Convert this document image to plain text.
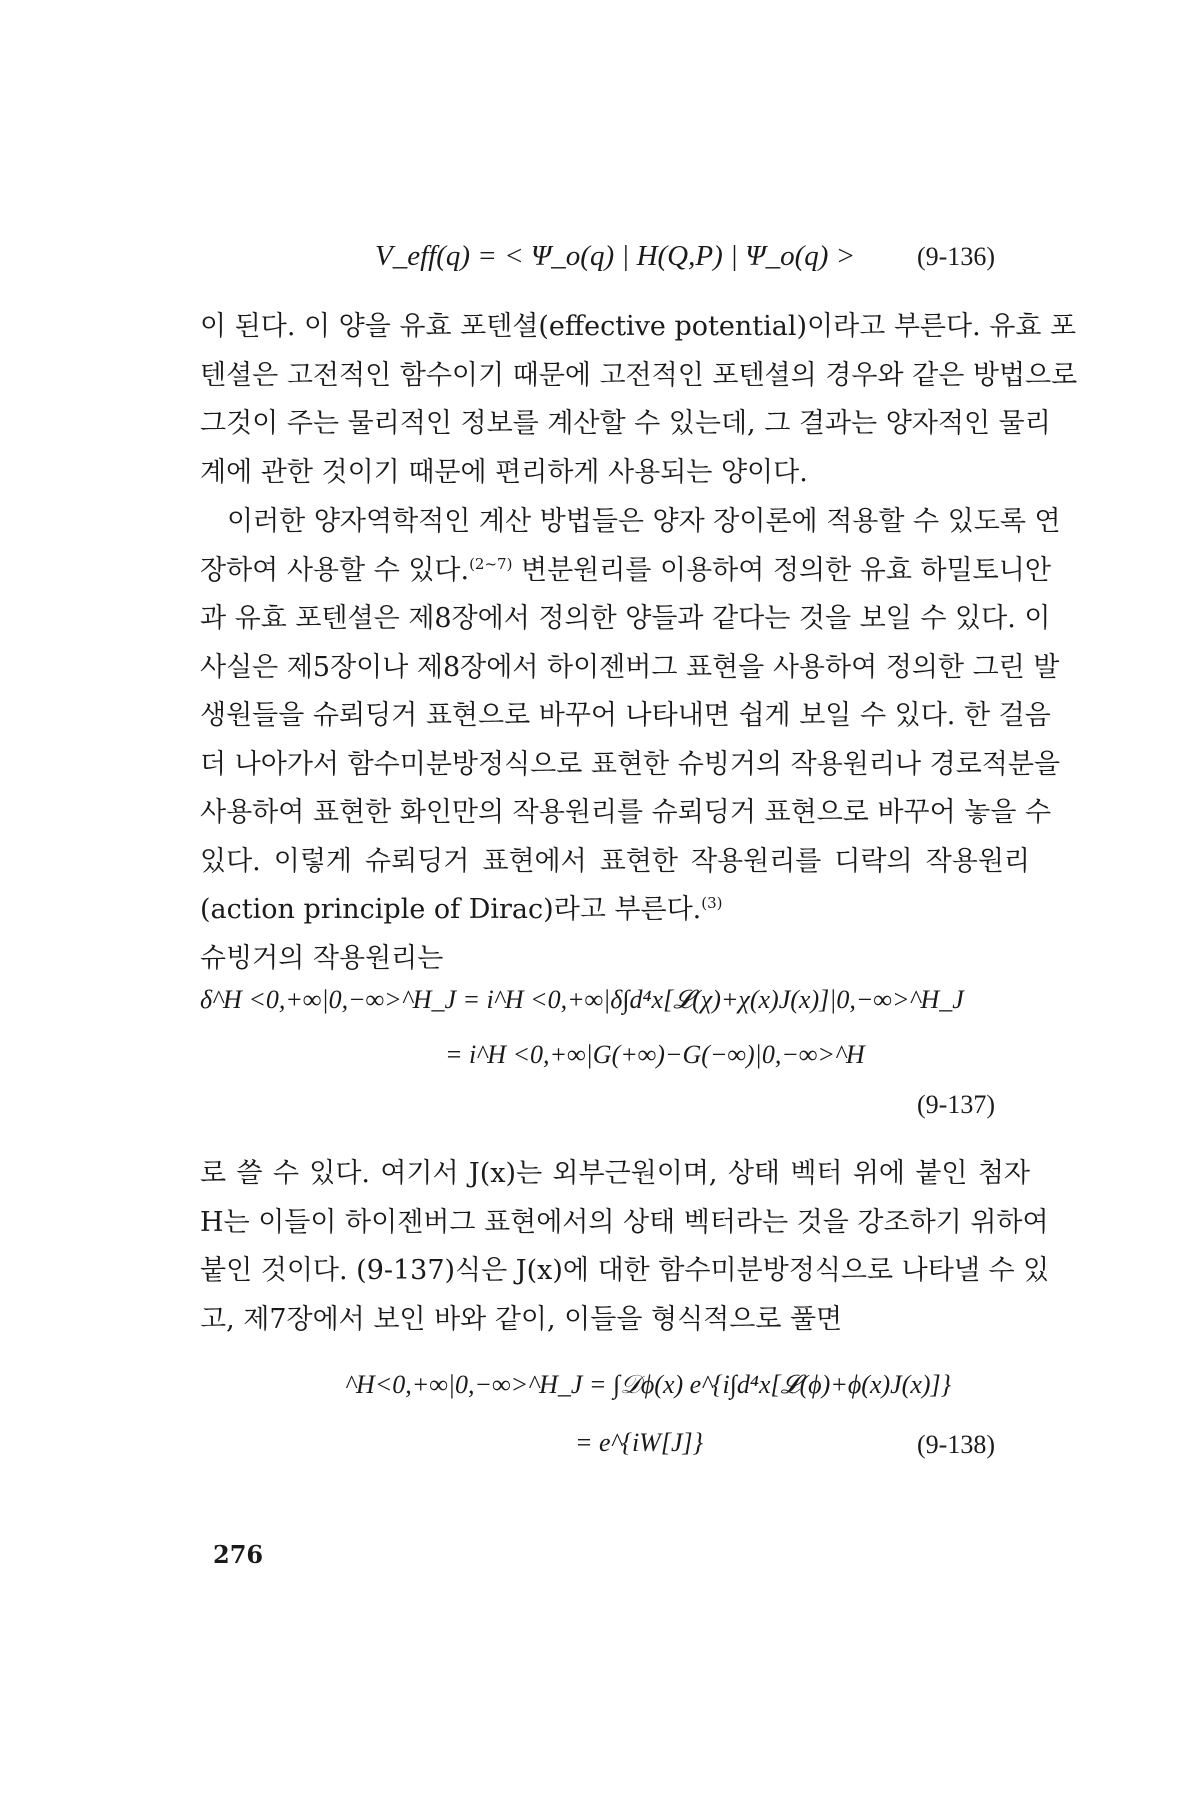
V_eff(q) = < Ψ_o(q) | H(Q,P) | Ψ_o(q) > (9-136)
이 된다. 이 양을 유효 포텐셜(effective potential)이라고 부른다. 유효 포
텐셜은 고전적인 함수이기 때문에 고전적인 포텐셜의 경우와 같은 방법으로
그것이 주는 물리적인 정보를 계산할 수 있는데, 그 결과는 양자적인 물리
계에 관한 것이기 때문에 편리하게 사용되는 양이다.
이러한 양자역학적인 계산 방법들은 양자 장이론에 적용할 수 있도록 연
장하여 사용할 수 있다.$^{(2\sim 7)}$ 변분원리를 이용하여 정의한 유효 하밀토니안
과 유효 포텐셜은 제8장에서 정의한 양들과 같다는 것을 보일 수 있다. 이
사실은 제5장이나 제8장에서 하이젠버그 표현을 사용하여 정의한 그린 발
생원들을 슈뢰딩거 표현으로 바꾸어 나타내면 쉽게 보일 수 있다. 한 걸음
더 나아가서 함수미분방정식으로 표현한 슈빙거의 작용원리나 경로적분을
사용하여 표현한 화인만의 작용원리를 슈뢰딩거 표현으로 바꾸어 놓을 수
있다. 이렇게 슈뢰딩거 표현에서 표현한 작용원리를 디락의 작용원리
(action principle of Dirac)라고 부른다.$^{(3)}$
슈빙거의 작용원리는
δ^H <0,+∞|0,−∞>^H_J = i^H <0,+∞|δ∫d⁴x[𝓛(χ)+χ(x)J(x)]|0,−∞>^H_J
= i^H <0,+∞|G(+∞)−G(−∞)|0,−∞>^H
(9-137)
로 쓸 수 있다. 여기서 J(x)는 외부근원이며, 상태 벡터 위에 붙인 첨자
H는 이들이 하이젠버그 표현에서의 상태 벡터라는 것을 강조하기 위하여
붙인 것이다. (9-137)식은 J(x)에 대한 함수미분방정식으로 나타낼 수 있
고, 제7장에서 보인 바와 같이, 이들을 형식적으로 풀면
^H<0,+∞|0,−∞>^H_J = ∫𝒟ϕ(x) e^{i∫d⁴x[𝓛(ϕ)+ϕ(x)J(x)]}
= e^{iW[J]}	(9-138)
276
